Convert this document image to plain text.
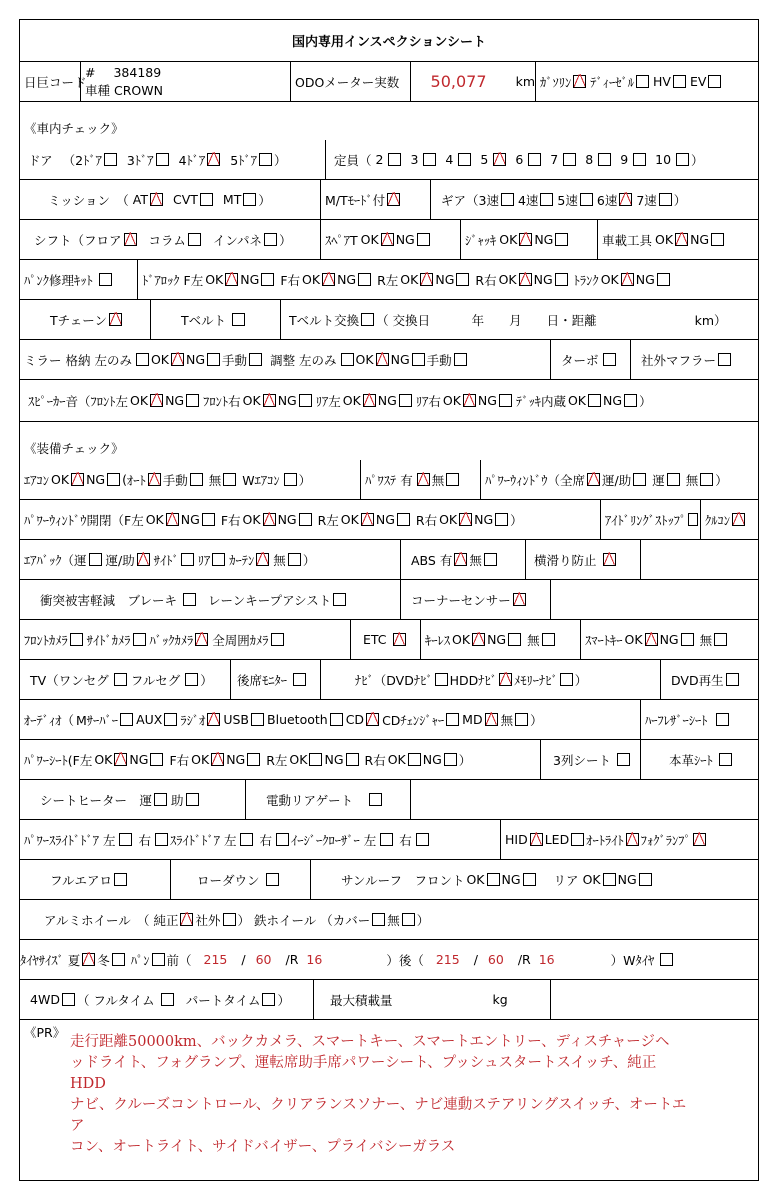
国内専用インスペクションシート
日巨コード
# 384189
車種 CROWN
ODOメーター実数 50,077 km ｶﾞｿﾘﾝ ﾃﾞｨｰｾﾞﾙ HV EV
《車内チェック》
ドア （ 2ﾄﾞｱ 3ﾄﾞｱ 4ﾄﾞｱ 5ﾄﾞｱ ）	定員（ 2 3 4 5 6 7 8 9 10 ）
ミッション　（ AT CVT MT ）	M/Tﾓｰﾄﾞ付	ギア（ 3速 4速 5速 6速 7速 ）
シフト（ フロア コラム インパネ ）	ｽﾍﾟｱT OK NG	ｼﾞｬｯｷ OK NG	車載工具 OK NG
ﾊﾟﾝｸ修理ｷｯﾄ	ﾄﾞｱﾛｯｸ F左 OK NG F右 OK NG R左 OK NG R右 OK NG ﾄﾗﾝｸ OK NG
Tチェーン	Tベルト	Tベルト交換 （ 交換日　　　 年　　月　　日・距離	km）
ミラー 格納 左のみ OK NG 手動 調整 左のみ OK NG 手動	ターボ	社外マフラー
ｽﾋﾟｰｶｰ音（ ﾌﾛﾝﾄ左 OK NG ﾌﾛﾝﾄ右 OK NG ﾘｱ左 OK NG ﾘｱ右 OK NG ﾃﾞｯｷ内蔵 OK NG ）
《装備チェック》
ｴｱｺﾝ OK NG ( ｵｰﾄ 手動 無 Wｴｱｺﾝ ）	ﾊﾟﾜｽﾃ 有 無	ﾊﾟﾜｰｳｨﾝﾄﾞｳ（全席 運/助 運 無 ）
ﾊﾟﾜｰｳｨﾝﾄﾞｳ開閉（ F左 OK NG F右 OK NG R左 OK NG R右 OK NG ）	ｱｲﾄﾞﾘﾝｸﾞｽﾄｯﾌﾟ ｸﾙｺﾝ
ｴｱﾊﾞｯｸ（ 運 運/助 ｻｲﾄﾞ ﾘｱ ｶｰﾃﾝ 無 ）	ABS 有 無	横滑り防止
衝突被害軽減　ブレーキ レーンキープアシスト	コーナーセンサー
ﾌﾛﾝﾄｶﾒﾗ ｻｲﾄﾞｶﾒﾗ ﾊﾞｯｸｶﾒﾗ 全周囲ｶﾒﾗ	ETC	ｷｰﾚｽ OK NG 無	ｽﾏｰﾄｷｰ OK NG 無
TV（ ワンセグ フルセグ ） 後席ﾓﾆﾀｰ	ﾅﾋﾞ（ DVDﾅﾋﾞ HDDﾅﾋﾞ ﾒﾓﾘｰﾅﾋﾞ ）	DVD再生
ｵｰﾃﾞｨｵ（ Mｻｰﾊﾞｰ AUX ﾗｼﾞｵ USB Bluetooth CD CDﾁｪﾝｼﾞｬｰ MD 無 ）	ﾊｰﾌﾚｻﾞｰｼｰﾄ
ﾊﾟﾜｰｼｰﾄ( F左 OK NG F右 OK NG R左 OK NG R右 OK NG ）	3列シート	本革ｼｰﾄ
シートヒーター　運 助	電動リアゲート
ﾊﾟﾜｰｽﾗｲﾄﾞﾄﾞｱ 左 右 ｽﾗｲﾄﾞﾄﾞｱ 左 右 ｲｰｼﾞｰｸﾛｰｻﾞｰ 左 右	HID LED ｵｰﾄﾗｲﾄ ﾌｫｸﾞﾗﾝﾌﾟ
フルエアロ	ローダウン	サンルーフ　フロント OK NG	リア OK NG
アルミホイール　（ 純正 社外 ） 鉄ホイール （カバー 無 ）
ﾀｲﾔｻｲｽﾞ 夏 冬 ﾊﾟﾝ 前（ 215 / 60 /R 16	）後（ 215 / 60 /R 16	）Wﾀｲﾔ
4WD （ フルタイム パートタイム ）	最大積載量	kg
《PR》
走行距離50000km、バックカメラ、スマートキー、スマートエントリー、ディスチャージヘ
ッドライト、フォグランプ、運転席助手席パワーシート、プッシュスタートスイッチ、純正HDD
ナビ、クルーズコントロール、クリアランスソナー、ナビ連動ステアリングスイッチ、オートエア
コン、オートライト、サイドバイザー、プライバシーガラス
